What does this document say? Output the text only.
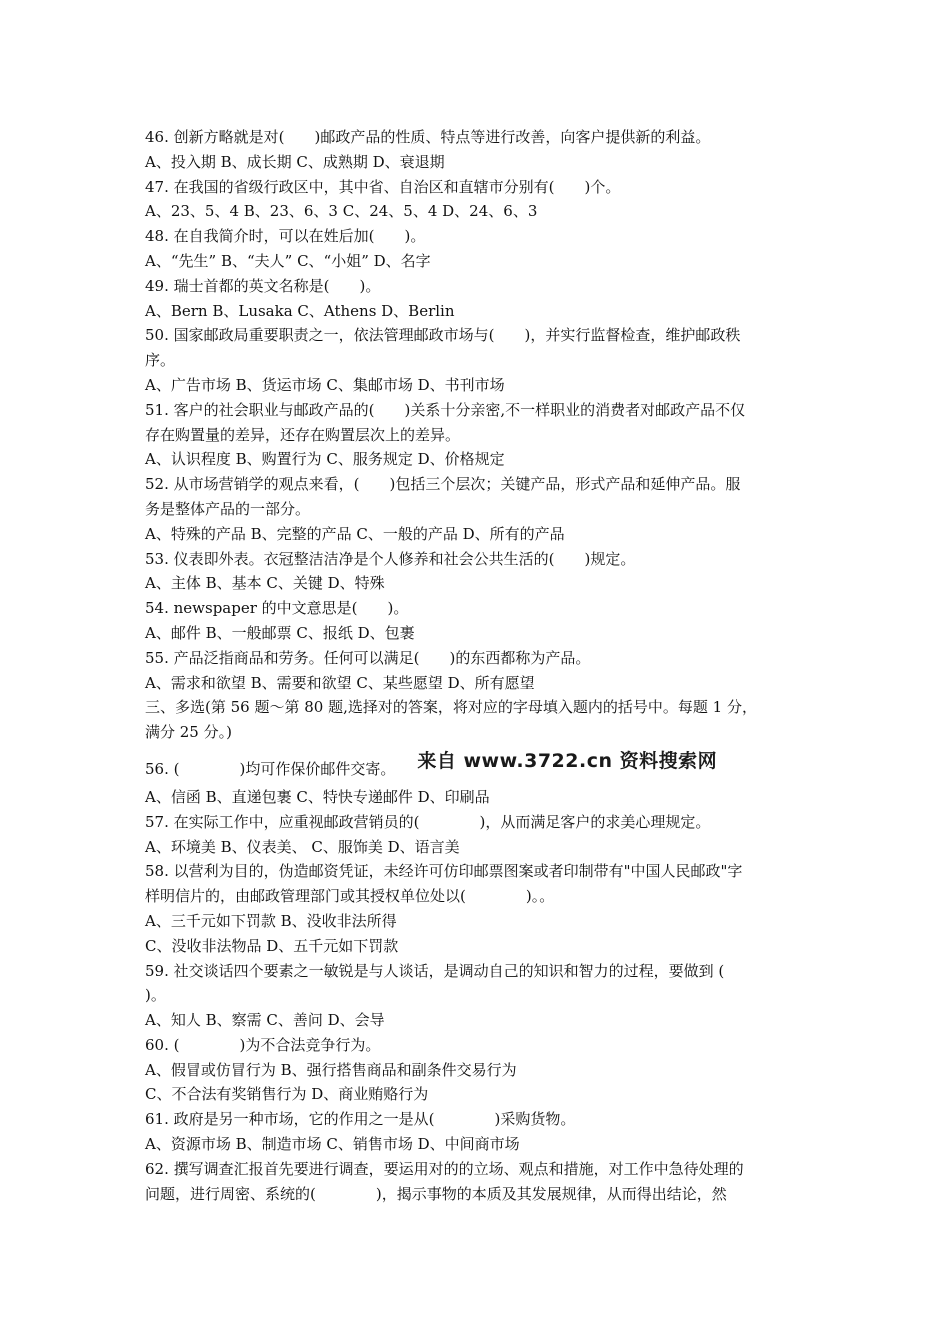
46. 创新方略就是对(　　)邮政产品的性质、特点等进行改善，向客户提供新的利益。
A、投入期 B、成长期 C、成熟期 D、衰退期
47. 在我国的省级行政区中，其中省、自治区和直辖市分别有(　　)个。
A、23、5、4 B、23、6、3 C、24、5、4 D、24、6、3
48. 在自我简介时，可以在姓后加(　　)。
A、“先生” B、“夫人” C、“小姐” D、名字
49. 瑞士首都的英文名称是(　　)。
A、Bern B、Lusaka C、Athens D、Berlin
50. 国家邮政局重要职责之一，依法管理邮政市场与(　　)，并实行监督检查，维护邮政秩
序。
A、广告市场 B、货运市场 C、集邮市场 D、书刊市场
51. 客户的社会职业与邮政产品的(　　)关系十分亲密,不一样职业的消费者对邮政产品不仅
存在购置量的差异，还存在购置层次上的差异。
A、认识程度 B、购置行为 C、服务规定 D、价格规定
52. 从市场营销学的观点来看，(　　)包括三个层次；关键产品，形式产品和延伸产品。服
务是整体产品的一部分。
A、特殊的产品 B、完整的产品 C、一般的产品 D、所有的产品
53. 仪表即外表。衣冠整洁洁净是个人修养和社会公共生活的(　　)规定。
A、主体 B、基本 C、关键 D、特殊
54. newspaper 的中文意思是(　　)。
A、邮件 B、一般邮票 C、报纸 D、包裹
55. 产品泛指商品和劳务。任何可以满足(　　)的东西都称为产品。
A、需求和欲望 B、需要和欲望 C、某些愿望 D、所有愿望
三、多选(第 56 题～第 80 题,选择对的答案，将对应的字母填入题内的括号中。每题 1 分，
满分 25 分。)
56. (　　　　)均可作保价邮件交寄。 来自 www.3722.cn 资料搜索网
A、信函 B、直递包裹 C、特快专递邮件 D、印刷品
57. 在实际工作中，应重视邮政营销员的(　　　　)，从而满足客户的求美心理规定。
A、环境美 B、仪表美、 C、服饰美 D、语言美
58. 以营利为目的，伪造邮资凭证，未经许可仿印邮票图案或者印制带有"中国人民邮政"字
样明信片的，由邮政管理部门或其授权单位处以(　　　　)。。
A、三千元如下罚款 B、没收非法所得
C、没收非法物品 D、五千元如下罚款
59. 社交谈话四个要素之一敏锐是与人谈话，是调动自己的知识和智力的过程，要做到 (
)。
A、知人 B、察需 C、善问 D、会导
60. (　　　　)为不合法竞争行为。
A、假冒或仿冒行为 B、强行搭售商品和副条件交易行为
C、不合法有奖销售行为 D、商业贿赂行为
61. 政府是另一种市场，它的作用之一是从(　　　　)采购货物。
A、资源市场 B、制造市场 C、销售市场 D、中间商市场
62. 撰写调查汇报首先要进行调查，要运用对的的立场、观点和措施，对工作中急待处理的
问题，进行周密、系统的(　　　　)，揭示事物的本质及其发展规律，从而得出结论，然
